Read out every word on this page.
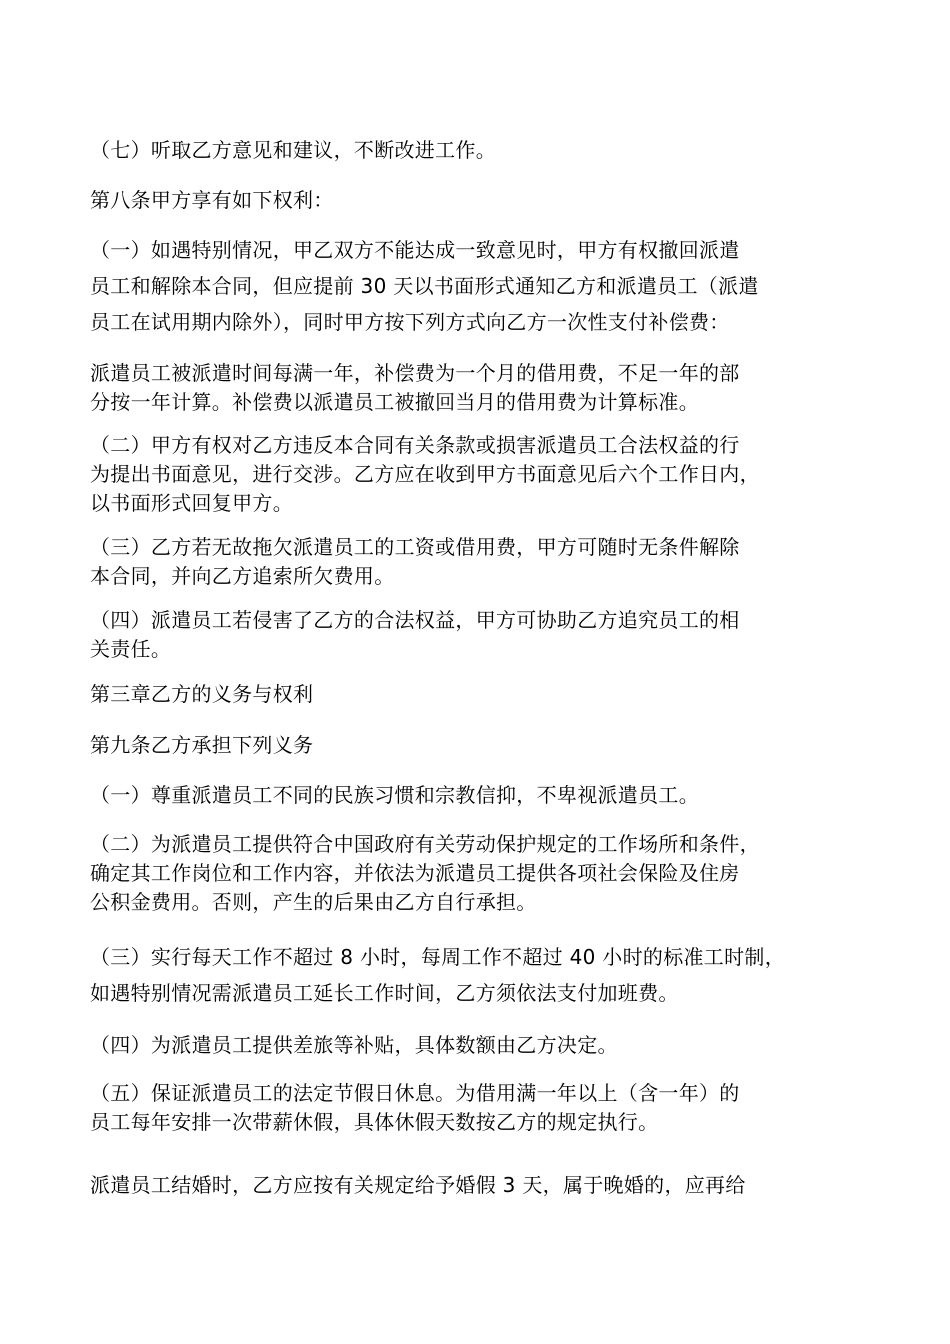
（七）听取乙方意见和建议，不断改进工作。

第八条甲方享有如下权利：

（一）如遇特别情况，甲乙双方不能达成一致意见时，甲方有权撤回派遣
员工和解除本合同，但应提前 30 天以书面形式通知乙方和派遣员工（派遣
员工在试用期内除外），同时甲方按下列方式向乙方一次性支付补偿费：

派遣员工被派遣时间每满一年，补偿费为一个月的借用费，不足一年的部
分按一年计算。补偿费以派遣员工被撤回当月的借用费为计算标准。

（二）甲方有权对乙方违反本合同有关条款或损害派遣员工合法权益的行
为提出书面意见，进行交涉。乙方应在收到甲方书面意见后六个工作日内，
以书面形式回复甲方。

（三）乙方若无故拖欠派遣员工的工资或借用费，甲方可随时无条件解除
本合同，并向乙方追索所欠费用。

（四）派遣员工若侵害了乙方的合法权益，甲方可协助乙方追究员工的相
关责任。

第三章乙方的义务与权利

第九条乙方承担下列义务

（一）尊重派遣员工不同的民族习惯和宗教信抑，不卑视派遣员工。

（二）为派遣员工提供符合中国政府有关劳动保护规定的工作场所和条件，
确定其工作岗位和工作内容，并依法为派遣员工提供各项社会保险及住房
公积金费用。否则，产生的后果由乙方自行承担。

（三）实行每天工作不超过 8 小时，每周工作不超过 40 小时的标准工时制，
如遇特别情况需派遣员工延长工作时间，乙方须依法支付加班费。

（四）为派遣员工提供差旅等补贴，具体数额由乙方决定。

（五）保证派遣员工的法定节假日休息。为借用满一年以上（含一年）的
员工每年安排一次带薪休假，具体休假天数按乙方的规定执行。

派遣员工结婚时，乙方应按有关规定给予婚假 3 天，属于晚婚的，应再给
